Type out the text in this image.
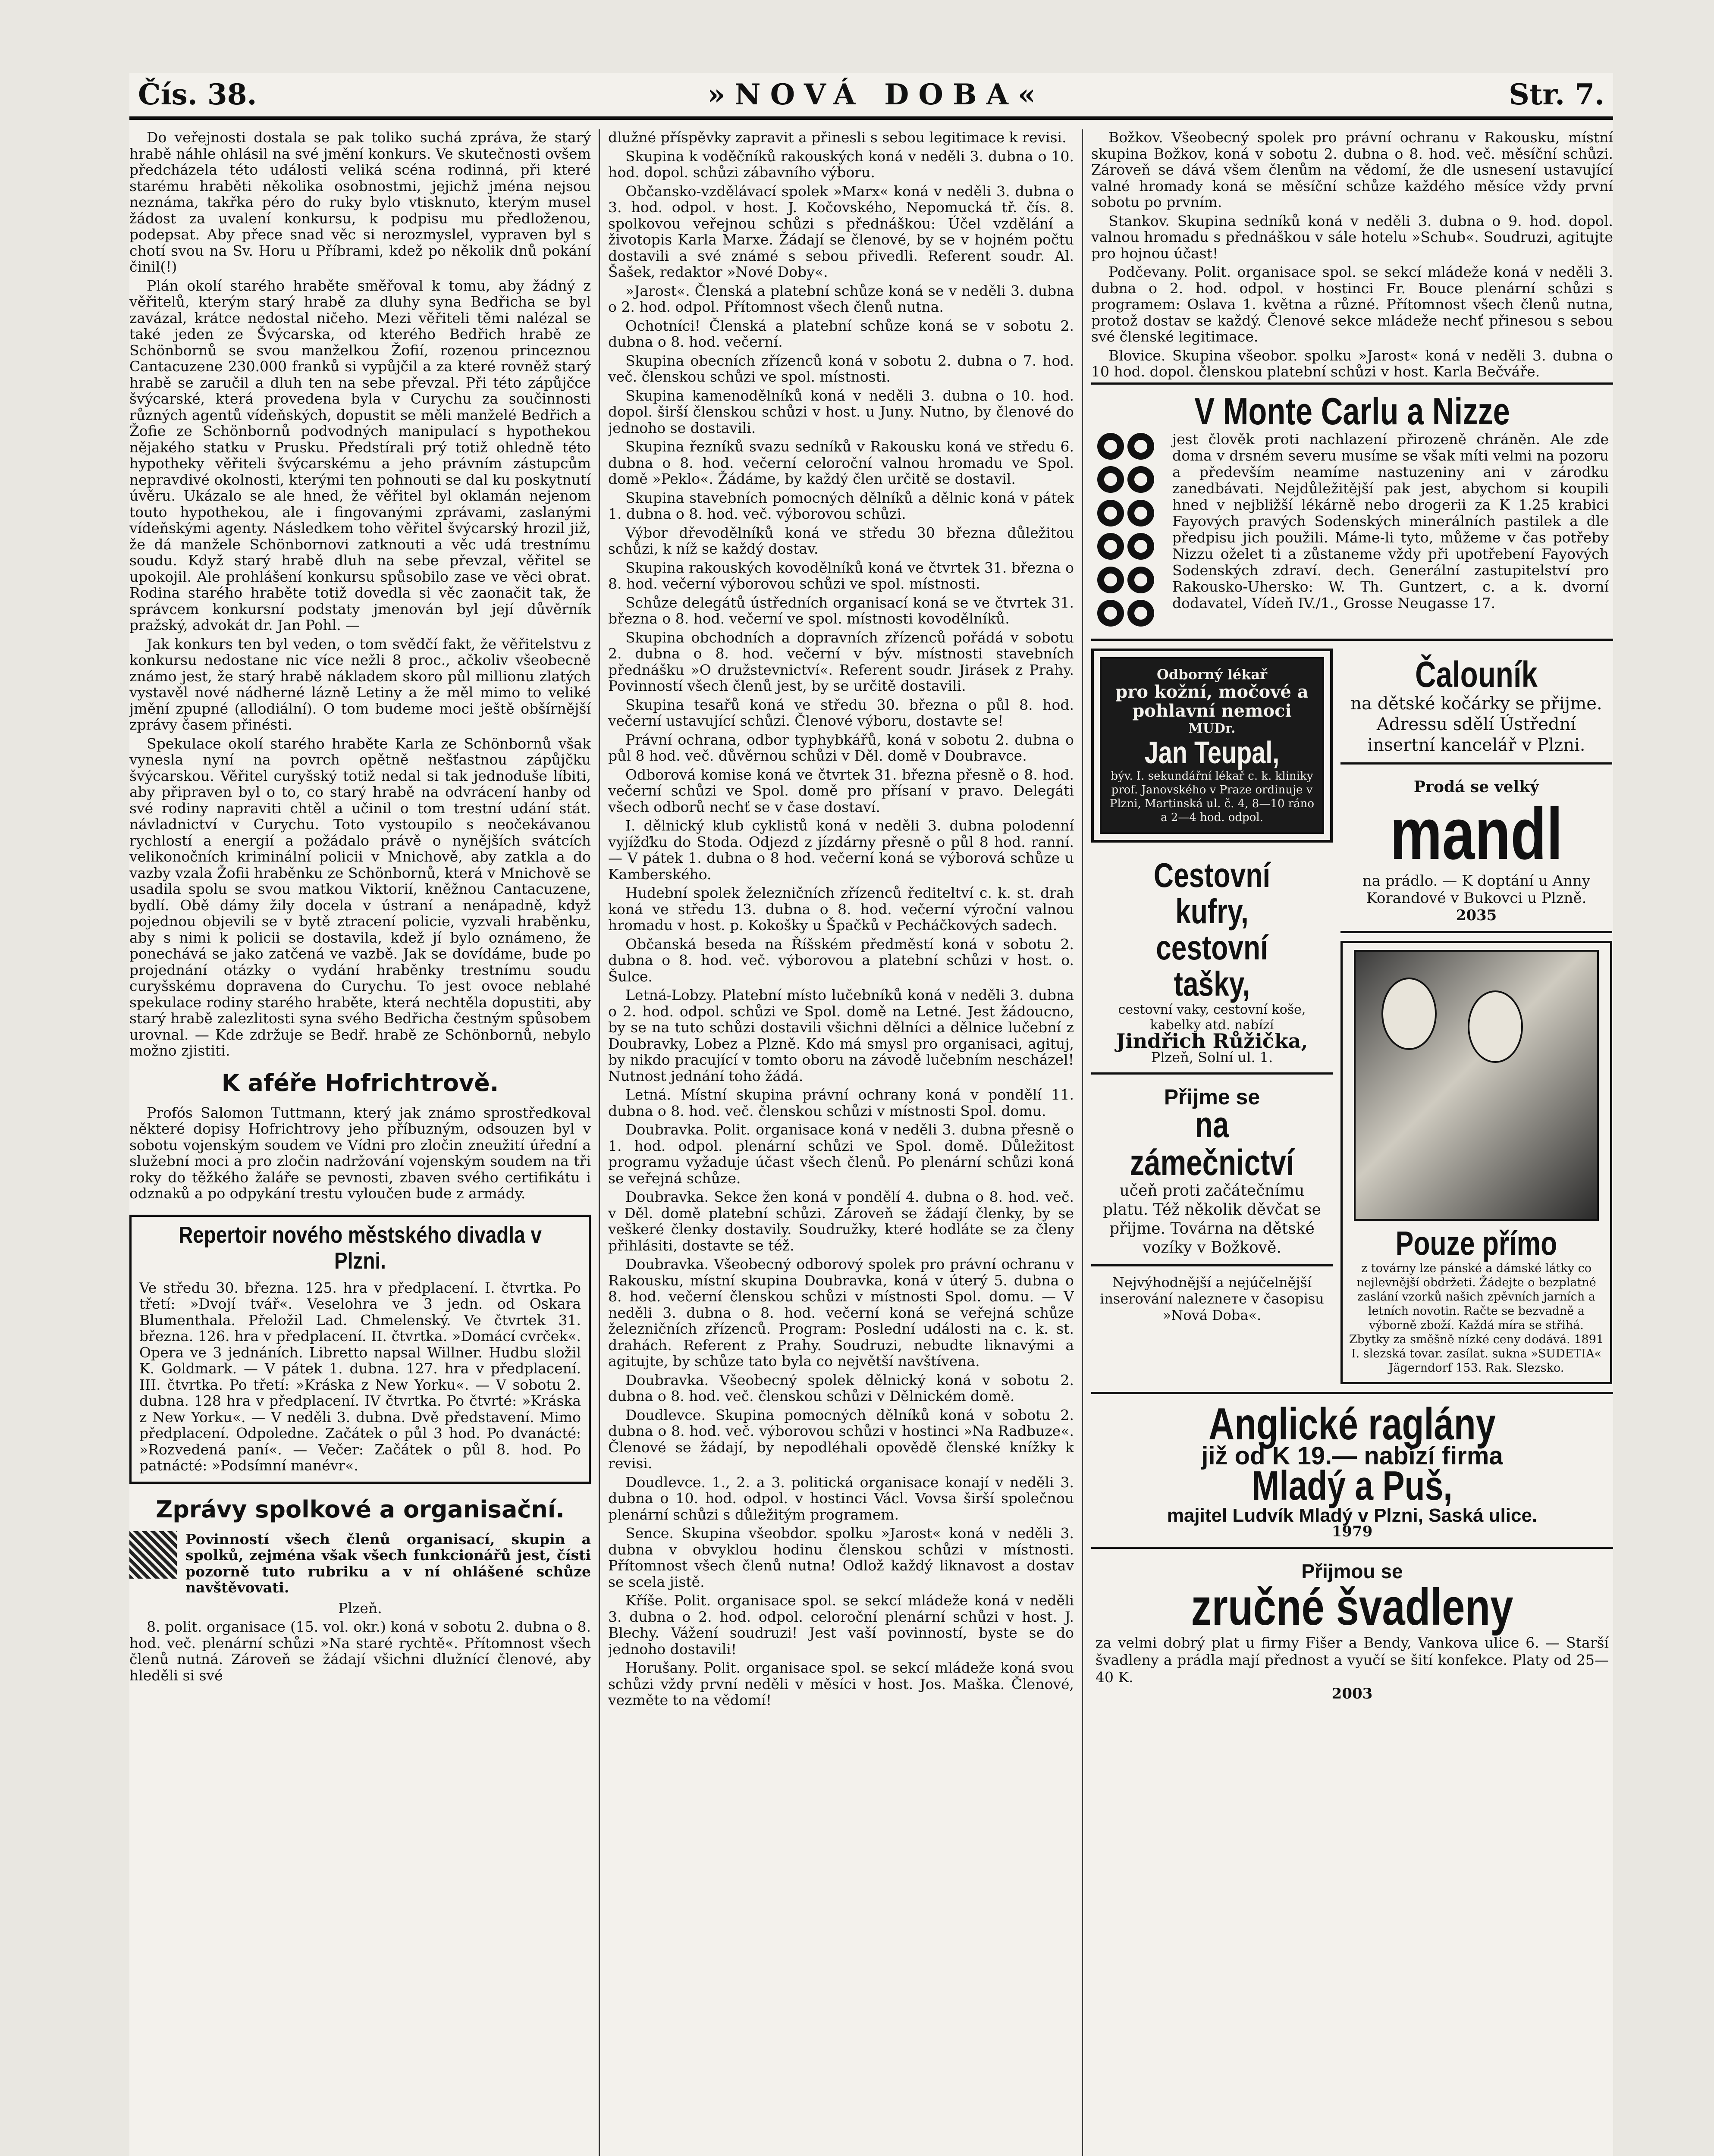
Čís. 38.	»NOVÁ DOBA«	Str. 7.

Do veřejnosti dostala se pak toliko suchá zpráva, že starý hrabě náhle ohlásil na své jmění konkurs. Ve skutečnosti ovšem předcházela této události veliká scéna rodinná, při které starému hraběti několika osobnostmi, jejichž jména nejsou neznáma, takřka péro do ruky bylo vtisknuto, kterým musel žádost za uvalení konkursu, k podpisu mu předloženou, podepsat. Aby přece snad věc si nerozmyslel, vypraven byl s chotí svou na Sv. Horu u Příbrami, kdež po několik dnů pokání činil(!)

Plán okolí starého hraběte směřoval k tomu, aby žádný z věřitelů, kterým starý hrabě za dluhy syna Bedřicha se byl zavázal, krátce nedostal ničeho. Mezi věřiteli těmi nalézal se také jeden ze Švýcarska, od kterého Bedřich hrabě ze Schönbornů se svou manželkou Žofií, rozenou princeznou Cantacuzene 230.000 franků si vypůjčil a za které rovněž starý hrabě se zaručil a dluh ten na sebe převzal. Při této zápůjčce švýcarské, která provedena byla v Curychu za součinnosti různých agentů vídeňských, dopustit se měli manželé Bedřich a Žofie ze Schönbornů podvodných manipulací s hypothekou nějakého statku v Prusku. Předstírali prý totiž ohledně této hypotheky věřiteli švýcarskému a jeho právním zástupcům nepravdivé okolnosti, kterými ten pohnouti se dal ku poskytnutí úvěru. Ukázalo se ale hned, že věřitel byl oklamán nejenom touto hypothekou, ale i fingovanými zprávami, zaslanými vídeňskými agenty. Následkem toho věřitel švýcarský hrozil již, že dá manžele Schönbornovi zatknouti a věc udá trestnímu soudu. Když starý hrabě dluh na sebe převzal, věřitel se upokojil. Ale prohlášení konkursu spůsobilo zase ve věci obrat. Rodina starého hraběte totiž dovedla si věc zaonačit tak, že správcem konkursní podstaty jmenován byl její důvěrník pražský, advokát dr. Jan Pohl. —

Jak konkurs ten byl veden, o tom svědčí fakt, že věřitelstvu z konkursu nedostane nic více nežli 8 proc., ačkoliv všeobecně známo jest, že starý hrabě nákladem skoro půl millionu zlatých vystavěl nové nádherné lázně Letiny a že měl mimo to veliké jmění zpupné (allodiální). O tom budeme moci ještě obšírnější zprávy časem přinésti.

Spekulace okolí starého hraběte Karla ze Schönbornů však vynesla nyní na povrch opětně nešťastnou zápůjčku švýcarskou. Věřitel curyšský totiž nedal si tak jednoduše líbiti, aby připraven byl o to, co starý hrabě na odvrácení hanby od své rodiny napraviti chtěl a učinil o tom trestní udání stát. návladnictví v Curychu. Toto vystoupilo s neočekávanou rychlostí a energií a požádalo právě o nynějších svátcích velikonočních kriminální policii v Mnichově, aby zatkla a do vazby vzala Žofii hraběnku ze Schönbornů, která v Mnichově se usadila spolu se svou matkou Viktorií, kněžnou Cantacuzene, bydlí. Obě dámy žily docela v ústraní a nenápadně, když pojednou objevili se v bytě ztracení policie, vyzvali hraběnku, aby s nimi k policii se dostavila, kdež jí bylo oznámeno, že ponechává se jako zatčená ve vazbě. Jak se dovídáme, bude po projednání otázky o vydání hraběnky trestnímu soudu curyšskému dopravena do Curychu. To jest ovoce neblahé spekulace rodiny starého hraběte, která nechtěla dopustiti, aby starý hrabě zalezlitosti syna svého Bedřicha čestným spůsobem urovnal. — Kde zdržuje se Bedř. hrabě ze Schönbornů, nebylo možno zjistiti.

K aféře Hofrichtrově.

Profós Salomon Tuttmann, který jak známo sprostředkoval některé dopisy Hofrichtrovy jeho příbuzným, odsouzen byl v sobotu vojenským soudem ve Vídni pro zločin zneužití úřední a služební moci a pro zločin nadržování vojenským soudem na tři roky do těžkého žaláře se pevnosti, zbaven svého certifikátu i odznaků a po odpykání trestu vyloučen bude z armády.

Repertoir nového městského divadla v Plzni.

Ve středu 30. března. 125. hra v předplacení. I. čtvrtka. Po třetí: »Dvojí tvář«. Veselohra ve 3 jedn. od Oskara Blumenthala. Přeložil Lad. Chmelenský. Ve čtvrtek 31. března. 126. hra v předplacení. II. čtvrtka. »Domácí cvrček«. Opera ve 3 jednáních. Libretto napsal Willner. Hudbu složil K. Goldmark. — V pátek 1. dubna. 127. hra v předplacení. III. čtvrtka. Po třetí: »Kráska z New Yorku«. — V sobotu 2. dubna. 128 hra v předplacení. IV čtvrtka. Po čtvrté: »Kráska z New Yorku«. — V neděli 3. dubna. Dvě představení. Mimo předplacení. Odpoledne. Začátek o půl 3 hod. Po dvanácté: »Rozvedená paní«. — Večer: Začátek o půl 8. hod. Po patnácté: »Podsímní manévr«.

Zprávy spolkové a organisační.
Povinností všech členů organisací, skupin a spolků, zejména však všech funkcionářů jest, čísti pozorně tuto rubriku a v ní ohlášené schůze navštěvovati.

Plzeň.

8. polit. organisace (15. vol. okr.) koná v sobotu 2. dubna o 8. hod. več. plenární schůzi »Na staré rychtě«. Přítomnost všech členů nutná. Zároveň se žádají všichni dlužnící členové, aby hleděli si své

dlužné příspěvky zapravit a přinesli s sebou legitimace k revisi.

Skupina k voděčníků rakouských koná v neděli 3. dubna o 10. hod. dopol. schůzi zábavního výboru.

Občansko-vzdělávací spolek »Marx« koná v neděli 3. dubna o 3. hod. odpol. v host. J. Kočovského, Nepomucká tř. čís. 8. spolkovou veřejnou schůzi s přednáškou: Účel vzdělání a životopis Karla Marxe. Žádají se členové, by se v hojném počtu dostavili a své známé s sebou přivedli. Referent soudr. Al. Šašek, redaktor »Nové Doby«.

»Jarost«. Členská a platební schůze koná se v neděli 3. dubna o 2. hod. odpol. Přítomnost všech členů nutna.

Ochotníci! Členská a platební schůze koná se v sobotu 2. dubna o 8. hod. večerní.

Skupina obecních zřízenců koná v sobotu 2. dubna o 7. hod. več. členskou schůzi ve spol. místnosti.

Skupina kamenodělníků koná v neděli 3. dubna o 10. hod. dopol. širší členskou schůzi v host. u Juny. Nutno, by členové do jednoho se dostavili.

Skupina řezníků svazu sedníků v Rakousku koná ve středu 6. dubna o 8. hod. večerní celoroční valnou hromadu ve Spol. domě »Peklo«. Žádáme, by každý člen určitě se dostavil.

Skupina stavebních pomocných dělníků a dělnic koná v pátek 1. dubna o 8. hod. več. výborovou schůzi.

Výbor dřevodělníků koná ve středu 30 března důležitou schůzi, k níž se každý dostav.

Skupina rakouských kovodělníků koná ve čtvrtek 31. března o 8. hod. večerní výborovou schůzi ve spol. místnosti.

Schůze delegátů ústředních organisací koná se ve čtvrtek 31. března o 8. hod. večerní ve spol. místnosti kovodělníků.

Skupina obchodních a dopravních zřízenců pořádá v sobotu 2. dubna o 8. hod. večerní v býv. místnosti stavebních přednášku »O družstevnictví«. Referent soudr. Jirásek z Prahy. Povinností všech členů jest, by se určitě dostavili.

Skupina tesařů koná ve středu 30. března o půl 8. hod. večerní ustavující schůzi. Členové výboru, dostavte se!

Právní ochrana, odbor typhybkářů, koná v sobotu 2. dubna o půl 8 hod. več. důvěrnou schůzi v Děl. domě v Doubravce.

Odborová komise koná ve čtvrtek 31. března přesně o 8. hod. večerní schůzi ve Spol. domě pro přísaní v pravo. Delegáti všech odborů nechť se v čase dostaví.

I. dělnický klub cyklistů koná v neděli 3. dubna polodenní vyjížďku do Stoda. Odjezd z jízdárny přesně o půl 8 hod. ranní. — V pátek 1. dubna o 8 hod. večerní koná se výborová schůze u Kamberského.

Hudební spolek železničních zřízenců řediteltví c. k. st. drah koná ve středu 13. dubna o 8. hod. večerní výroční valnou hromadu v host. p. Kokošky u Špačků v Pecháčkových sadech.

Občanská beseda na Říšském předměstí koná v sobotu 2. dubna o 8. hod. več. výborovou a platební schůzi v host. o. Šulce.

Letná-Lobzy. Platební místo lučebníků koná v neděli 3. dubna o 2. hod. odpol. schůzi ve Spol. domě na Letné. Jest žádoucno, by se na tuto schůzi dostavili všichni dělníci a dělnice lučební z Doubravky, Lobez a Plzně. Kdo má smysl pro organisaci, agituj, by nikdo pracující v tomto oboru na závodě lučebním nescházel! Nutnost jednání toho žádá.

Letná. Místní skupina právní ochrany koná v pondělí 11. dubna o 8. hod. več. členskou schůzi v místnosti Spol. domu.

Doubravka. Polit. organisace koná v neděli 3. dubna přesně o 1. hod. odpol. plenární schůzi ve Spol. domě. Důležitost programu vyžaduje účast všech členů. Po plenární schůzi koná se veřejná schůze.

Doubravka. Sekce žen koná v pondělí 4. dubna o 8. hod. več. v Děl. domě platební schůzi. Zároveň se žádají členky, by se veškeré členky dostavily. Soudružky, které hodláte se za členy přihlásiti, dostavte se též.

Doubravka. Všeobecný odborový spolek pro právní ochranu v Rakousku, místní skupina Doubravka, koná v úterý 5. dubna o 8. hod. večerní členskou schůzi v místnosti Spol. domu. — V neděli 3. dubna o 8. hod. večerní koná se veřejná schůze železničních zřízenců. Program: Poslední události na c. k. st. drahách. Referent z Prahy. Soudruzi, nebudte liknavými a agitujte, by schůze tato byla co největší navštívena.

Doubravka. Všeobecný spolek dělnický koná v sobotu 2. dubna o 8. hod. več. členskou schůzi v Dělnickém domě.

Doudlevce. Skupina pomocných dělníků koná v sobotu 2. dubna o 8. hod. več. výborovou schůzi v hostinci »Na Radbuze«. Členové se žádají, by nepodléhali opovědě členské knížky k revisi.

Doudlevce. 1., 2. a 3. politická organisace konají v neděli 3. dubna o 10. hod. odpol. v hostinci Václ. Vovsa širší společnou plenární schůzi s důležitým programem.

Sence. Skupina všeobdor. spolku »Jarost« koná v neděli 3. dubna v obvyklou hodinu členskou schůzi v místnosti. Přítomnost všech členů nutna! Odlož každý liknavost a dostav se scela jistě.

Kříše. Polit. organisace spol. se sekcí mládeže koná v neděli 3. dubna o 2. hod. odpol. celoroční plenární schůzi v host. J. Blechy. Vážení soudruzi! Jest vaší povinností, byste se do jednoho dostavili!

Horušany. Polit. organisace spol. se sekcí mládeže koná svou schůzi vždy první neděli v měsíci v host. Jos. Maška. Členové, vezměte to na vědomí!

Božkov. Všeobecný spolek pro právní ochranu v Rakousku, místní skupina Božkov, koná v sobotu 2. dubna o 8. hod. več. měsíční schůzi. Zároveň se dává všem členům na vědomí, že dle usnesení ustavující valné hromady koná se měsíční schůze každého měsíce vždy první sobotu po prvním.

Stankov. Skupina sedníků koná v neděli 3. dubna o 9. hod. dopol. valnou hromadu s přednáškou v sále hotelu »Schub«. Soudruzi, agitujte pro hojnou účast!

Podčevany. Polit. organisace spol. se sekcí mládeže koná v neděli 3. dubna o 2. hod. odpol. v hostinci Fr. Bouce plenární schůzi s programem: Oslava 1. května a různé. Přítomnost všech členů nutna, protož dostav se každý. Členové sekce mládeže nechť přinesou s sebou své členské legitimace.

Blovice. Skupina všeobor. spolku »Jarost« koná v neděli 3. dubna o 10 hod. dopol. členskou platební schůzi v host. Karla Bečváře.

V Monte Carlu a Nizze

jest člověk proti nachlazení přirozeně chráněn. Ale zde doma v drsném severu musíme se však míti velmi na pozoru a především neamíme nastuzeniny ani v zárodku zanedbávati. Nejdůležitější pak jest, abychom si koupili hned v nejbližší lékárně nebo drogerii za K 1.25 krabici Fayových pravých Sodenských minerálních pastilek a dle předpisu jich použili. Máme-li tyto, můžeme v čas potřeby Nizzu oželet ti a zůstaneme vždy při upotřebení Fayových Sodenských zdraví. dech. Generální zastupitelství pro Rakousko-Uhersko: W. Th. Guntzert, c. a k. dvorní dodavatel, Vídeň IV./1., Grosse Neugasse 17.
Odborný lékař
pro kožní, močové a pohlavní nemoci
MUDr.
Jan Teupal,
býv. I. sekundářní lékař c. k. kliniky prof. Janovského v Praze ordinuje v Plzni, Martinská ul. č. 4, 8—10 ráno a 2—4 hod. odpol.
Cestovní kufry,
cestovní tašky,
cestovní vaky, cestovní koše, kabelky atd. nabízí
Jindřich Růžička,
Plzeň, Solní ul. 1.
Přijme se
na zámečnictví
učeň proti začátečnímu platu. Též několik děvčat se přijme. Továrna na dětské vozíky v Božkově.
Nejvýhodnější a nejúčelnější inserování nalezneте v časopisu »Nová Doba«.
Čalouník
na dětské kočárky se přijme. Adressu sdělí Ústřední insertní kancelář v Plzni.
Prodá se velký
mandl
na prádlo. — K doptání u Anny Korandové v Bukovci u Plzně. 2035
Pouze přímo
z továrny lze pánské a dámské látky co nejlevnější obdržeti. Žádejte o bezplatné zaslání vzorků našich zpěvních jarních a letních novotin. Račte se bezvadně a výborně zboží. Každá míra se střihá. Zbytky za směšně nízké ceny dodává. 1891 I. slezská tovar. zasílat. sukna »SUDETIA« Jägerndorf 153. Rak. Slezsko.
Anglické raglány
již od K 19.— nabízí firma
Mladý a Puš,
majitel Ludvík Mladý v Plzni, Saská ulice.
1979
Přijmou se
zručné švadleny
za velmi dobrý plat u firmy Fišer a Bendy, Vankova ulice 6. — Starší švadleny a prádla mají přednost a vyučí se šití konfekce. Platy od 25—40 K.
2003
